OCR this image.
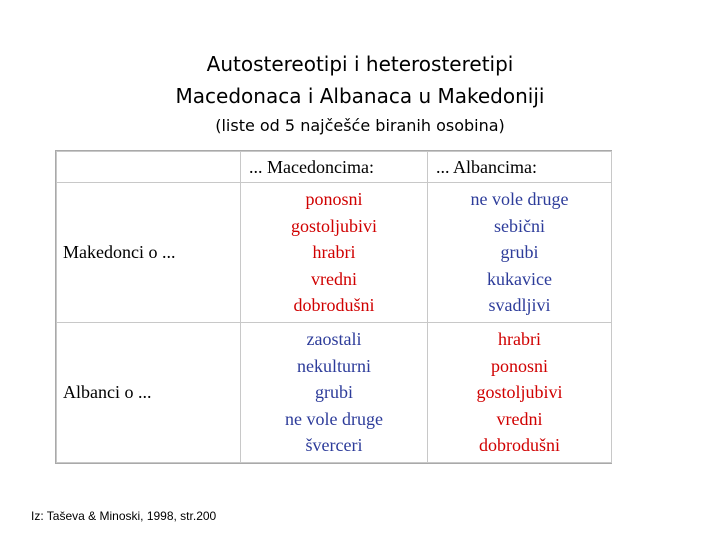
Autostereotipi i heterosteretipi
Macedonaca i Albanaca u Makedoniji
(liste od 5 najčešće biranih osobina)
	... Macedoncima:	... Albancima:
Makedonci o ...	ponosni
gostoljubivi
hrabri
vredni
dobrodušni	ne vole druge
sebični
grubi
kukavice
svadljivi

Albanci o ...	zaostali
nekulturni
grubi
ne vole druge
šverceri	hrabri
ponosni
gostoljubivi
vredni
dobrodušni
Iz: Taševa & Minoski, 1998, str.200
